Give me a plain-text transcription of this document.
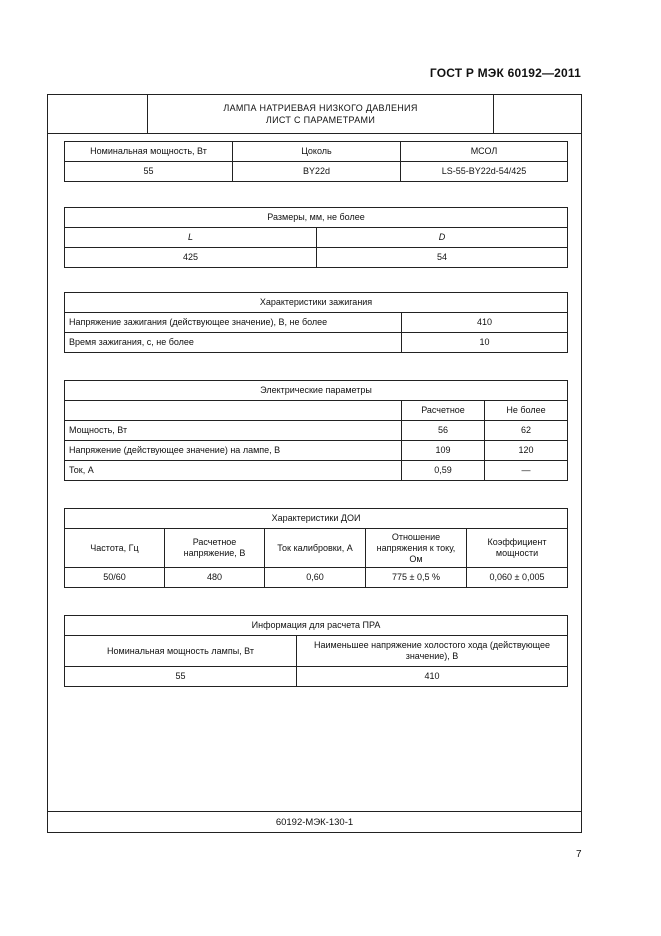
ГОСТ Р МЭК 60192—2011
ЛАМПА НАТРИЕВАЯ НИЗКОГО ДАВЛЕНИЯ
ЛИСТ С ПАРАМЕТРАМИ
Номинальная мощность, Вт	Цоколь	МСОЛ
55	BY22d	LS-55-BY22d-54/425
Размеры, мм, не более	
L	D
425	54
Характеристики зажигания	
Напряжение зажигания (действующее значение), В, не более	410
Время зажигания, с, не более	10
Электрические параметры		
	Расчетное	Не более
Мощность, Вт	56	62
Напряжение (действующее значение) на лампе, В	109	120
Ток, А	0,59	—
Характеристики ДОИ				
Частота, Гц	Расчетное напряжение, В	Ток калибровки, А	Отношение напряжения к току, Ом	Коэффициент мощности
50/60	480	0,60	775 ± 0,5 %	0,060 ± 0,005
Информация для расчета ПРА	
Номинальная мощность лампы, Вт	Наименьшее напряжение холостого хода (действующее значение), В
55	410
60192-МЭК-130-1
7
